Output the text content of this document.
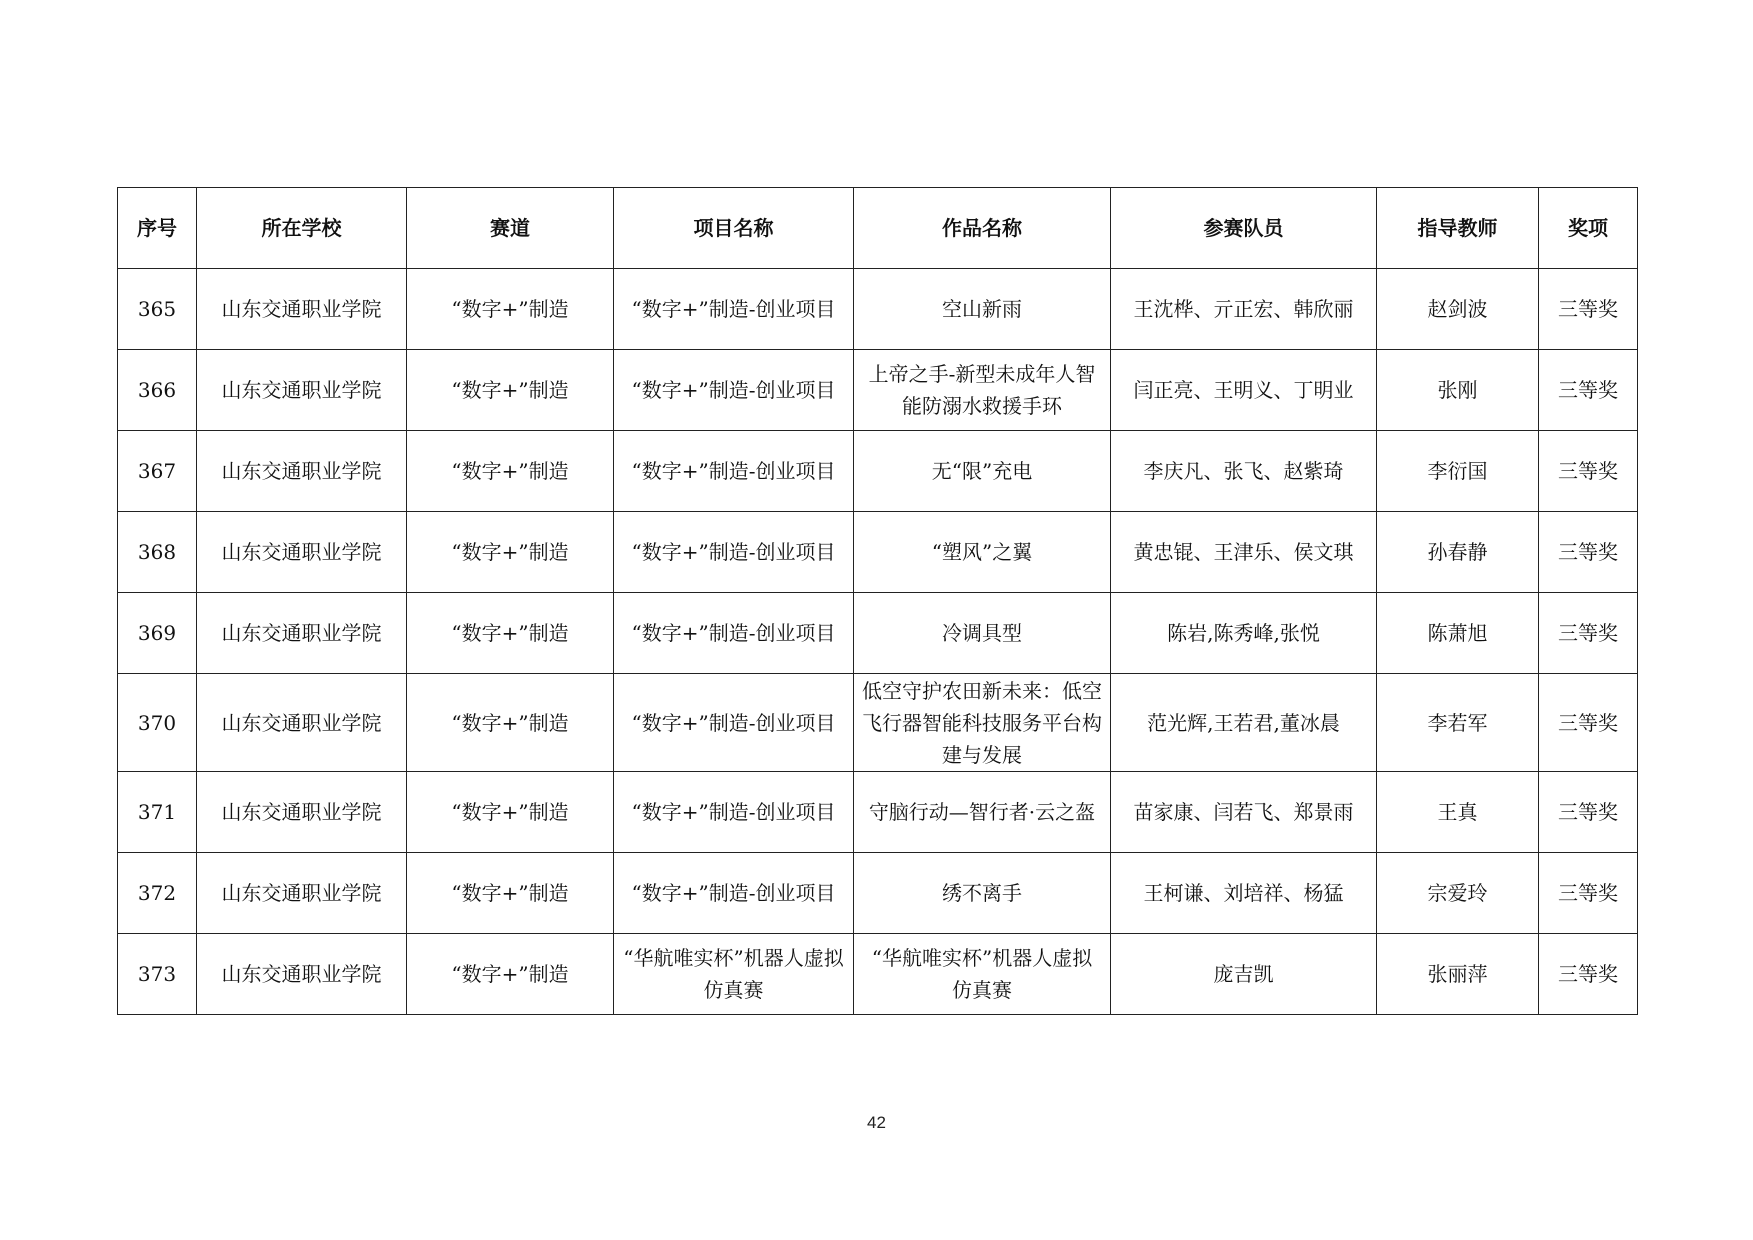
序号	所在学校	赛道	项目名称	作品名称	参赛队员	指导教师	奖项
365	山东交通职业学院	“数字+”制造	“数字+”制造-创业项目	空山新雨	王沈桦、亓正宏、韩欣丽	赵剑波	三等奖
366	山东交通职业学院	“数字+”制造	“数字+”制造-创业项目	上帝之手-新型未成年人智能防溺水救援手环	闫正亮、王明义、丁明业	张刚	三等奖
367	山东交通职业学院	“数字+”制造	“数字+”制造-创业项目	无“限”充电	李庆凡、张飞、赵紫琦	李衍国	三等奖
368	山东交通职业学院	“数字+”制造	“数字+”制造-创业项目	“塑风”之翼	黄忠锟、王津乐、侯文琪	孙春静	三等奖
369	山东交通职业学院	“数字+”制造	“数字+”制造-创业项目	冷调具型	陈岩,陈秀峰,张悦	陈萧旭	三等奖
370	山东交通职业学院	“数字+”制造	“数字+”制造-创业项目	低空守护农田新未来：低空飞行器智能科技服务平台构建与发展	范光辉,王若君,董冰晨	李若军	三等奖
371	山东交通职业学院	“数字+”制造	“数字+”制造-创业项目	守脑行动—智行者·云之盔	苗家康、闫若飞、郑景雨	王真	三等奖
372	山东交通职业学院	“数字+”制造	“数字+”制造-创业项目	绣不离手	王柯谦、刘培祥、杨猛	宗爱玲	三等奖
373	山东交通职业学院	“数字+”制造	“华航唯实杯”机器人虚拟仿真赛	“华航唯实杯”机器人虚拟仿真赛	庞吉凯	张丽萍	三等奖
42
